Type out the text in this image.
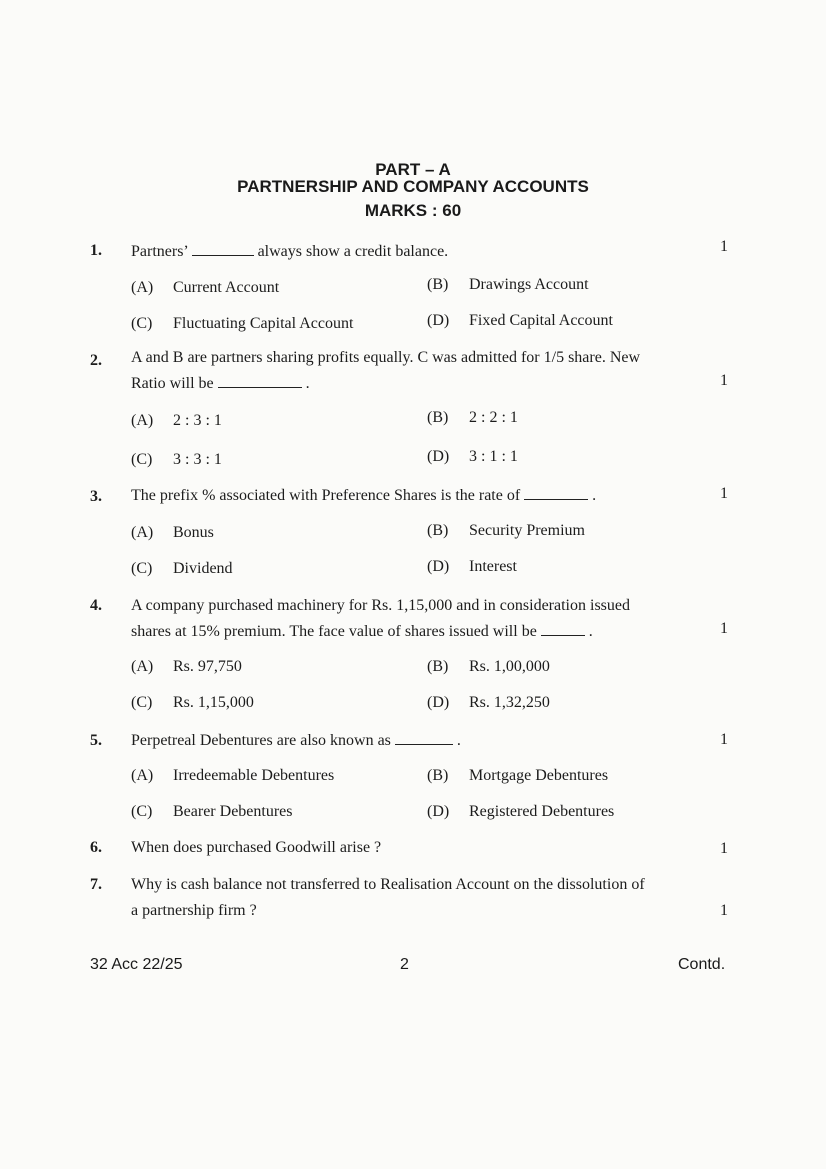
PART – A
PARTNERSHIP AND COMPANY ACCOUNTS
MARKS : 60
1. Partners’	always show a credit balance.	1
(A) Current Account	(B) Drawings Account
(C) Fluctuating Capital Account	(D) Fixed Capital Account
2. A and B are partners sharing profits equally. C was admitted for 1/5 share. New
Ratio will be	.	1
(A) 2 : 3 : 1	(B) 2 : 2 : 1
(C) 3 : 3 : 1	(D) 3 : 1 : 1
3. The prefix % associated with Preference Shares is the rate of	.	1
(A) Bonus	(B) Security Premium
(C) Dividend	(D) Interest
4. A company purchased machinery for Rs. 1,15,000 and in consideration issued
shares at 15% premium. The face value of shares issued will be	.	1
(A) Rs. 97,750	(B) Rs. 1,00,000
(C) Rs. 1,15,000	(D) Rs. 1,32,250
5. Perpetreal Debentures are also known as	.	1
(A) Irredeemable Debentures	(B) Mortgage Debentures
(C) Bearer Debentures	(D) Registered Debentures
6. When does purchased Goodwill arise ?	1
7. Why is cash balance not transferred to Realisation Account on the dissolution of
a partnership firm ?	1
32 Acc 22/25	2	Contd.
